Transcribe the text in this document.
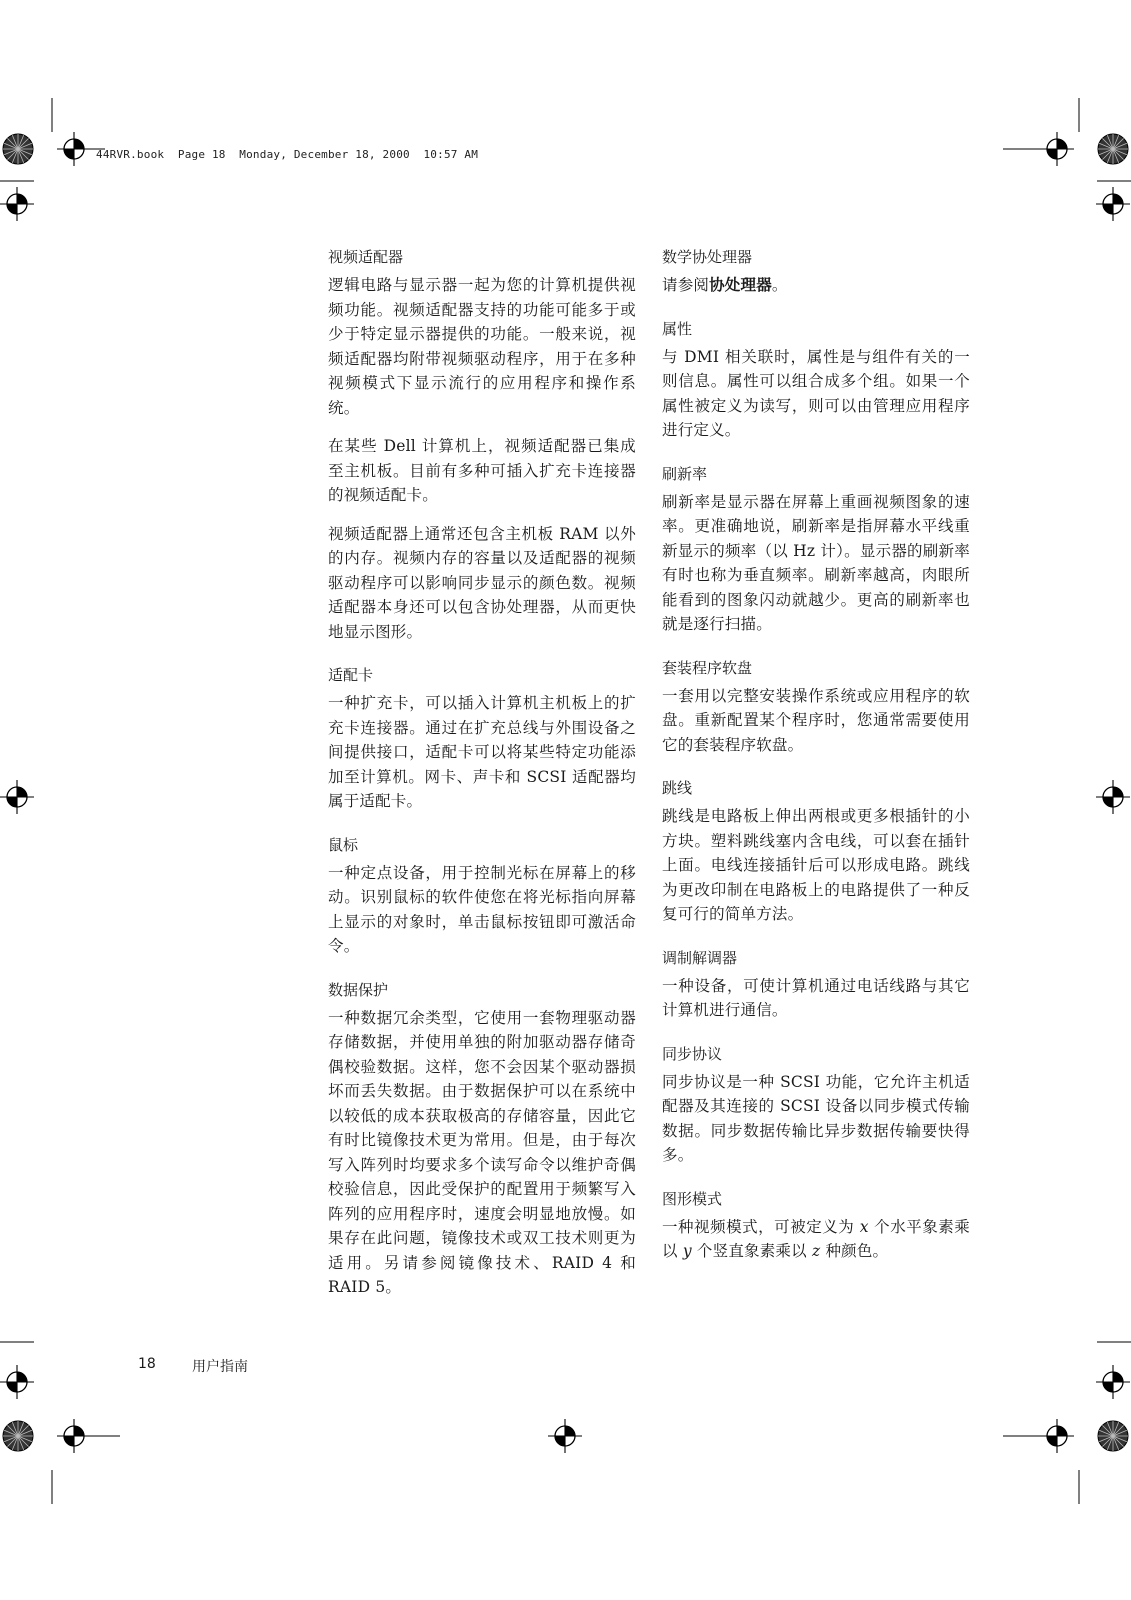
44RVR.book  Page 18  Monday, December 18, 2000  10:57 AM
视频适配器

逻辑电路与显示器一起为您的计算机提供视频功能。视频适配器支持的功能可能多于或少于特定显示器提供的功能。一般来说，视频适配器均附带视频驱动程序，用于在多种视频模式下显示流行的应用程序和操作系统。

在某些 Dell 计算机上，视频适配器已集成至主机板。目前有多种可插入扩充卡连接器的视频适配卡。

视频适配器上通常还包含主机板 RAM 以外的内存。视频内存的容量以及适配器的视频驱动程序可以影响同步显示的颜色数。视频适配器本身还可以包含协处理器，从而更快地显示图形。

适配卡

一种扩充卡，可以插入计算机主机板上的扩充卡连接器。通过在扩充总线与外围设备之间提供接口，适配卡可以将某些特定功能添加至计算机。网卡、声卡和 SCSI 适配器均属于适配卡。

鼠标

一种定点设备，用于控制光标在屏幕上的移动。识别鼠标的软件使您在将光标指向屏幕上显示的对象时，单击鼠标按钮即可激活命令。

数据保护

一种数据冗余类型，它使用一套物理驱动器存储数据，并使用单独的附加驱动器存储奇偶校验数据。这样，您不会因某个驱动器损坏而丢失数据。由于数据保护可以在系统中以较低的成本获取极高的存储容量，因此它有时比镜像技术更为常用。但是，由于每次写入阵列时均要求多个读写命令以维护奇偶校验信息，因此受保护的配置用于频繁写入阵列的应用程序时，速度会明显地放慢。如果存在此问题，镜像技术或双工技术则更为适用。另请参阅镜像技术、RAID 4 和 RAID 5。

数学协处理器

请参阅协处理器。

属性

与 DMI 相关联时，属性是与组件有关的一则信息。属性可以组合成多个组。如果一个属性被定义为读写，则可以由管理应用程序进行定义。

刷新率

刷新率是显示器在屏幕上重画视频图象的速率。更准确地说，刷新率是指屏幕水平线重新显示的频率（以 Hz 计）。显示器的刷新率有时也称为垂直频率。刷新率越高，肉眼所能看到的图象闪动就越少。更高的刷新率也就是逐行扫描。

套装程序软盘

一套用以完整安装操作系统或应用程序的软盘。重新配置某个程序时，您通常需要使用它的套装程序软盘。

跳线

跳线是电路板上伸出两根或更多根插针的小方块。塑料跳线塞内含电线，可以套在插针上面。电线连接插针后可以形成电路。跳线为更改印制在电路板上的电路提供了一种反复可行的简单方法。

调制解调器

一种设备，可使计算机通过电话线路与其它计算机进行通信。

同步协议

同步协议是一种 SCSI 功能，它允许主机适配器及其连接的 SCSI 设备以同步模式传输数据。同步数据传输比异步数据传输要快得多。

图形模式

一种视频模式，可被定义为 x 个水平象素乘以 y 个竖直象素乘以 z 种颜色。

18	用户指南
